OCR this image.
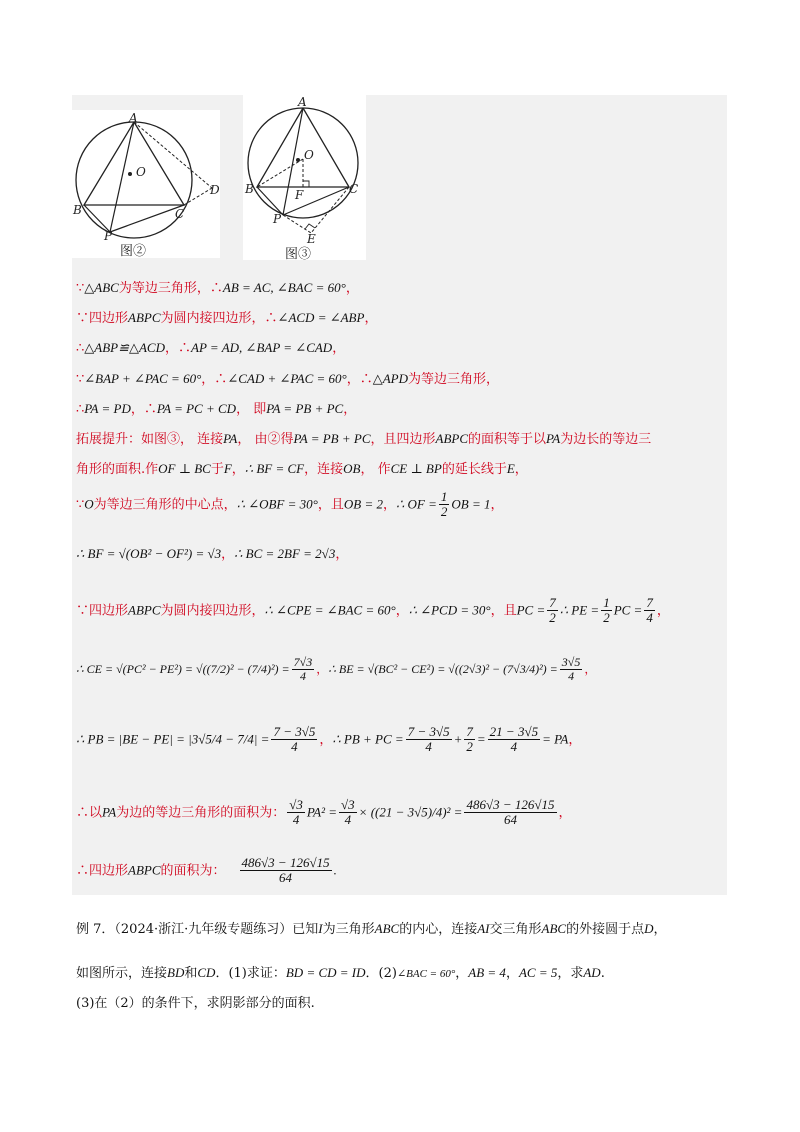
A
O
B	C
D
P
图②
A
O
B	C
F
P
E
图③
∵△ABC为等边三角形，∴AB = AC, ∠BAC = 60°，
∵四边形ABPC为圆内接四边形，∴∠ACD = ∠ABP，
∴△ABP≌△ACD，∴AP = AD, ∠BAP = ∠CAD，
∵∠BAP + ∠PAC = 60°，∴∠CAD + ∠PAC = 60°，∴△APD为等边三角形，
∴PA = PD，∴PA = PC + CD， 即PA = PB + PC，
拓展提升：如图③， 连接PA， 由②得PA = PB + PC，且四边形ABPC的面积等于以PA为边长的等边三
角形的面积.作OF ⊥ BC于F，∴ BF = CF，连接OB， 作CE ⊥ BP的延长线于E，
∵O为等边三角形的中心点，∴ ∠OBF = 30°，且OB = 2，∴ OF = $\frac{1}{2}$ OB = 1，
∴ BF = √(OB² − OF²) = √3，∴ BC = 2BF = 2√3，
∵四边形ABPC为圆内接四边形，∴ ∠CPE = ∠BAC = 60°，∴ ∠PCD = 30°，且PC = $\frac{7}{2}$ ∴ PE = $\frac{1}{2}$ PC = $\frac{7}{4}$ ，
∴ CE = $√(PC^2 - PE^2) = √((7/2)^2 - (7/4)^2) = \frac{7√3}{4}$ ，∴ BE = $√(BC^2 - CE^2) = √((2√3)^2 - (7√3/4)^2) = \frac{3√5}{4}$ ，
∴ PB = $|BE - PE| = |3√5/4 - 7/4| = \frac{7 - 3√5}{4}$ ，∴ PB + PC = $\frac{7 - 3√5}{4} + \frac{7}{2} = \frac{21 - 3√5}{4}$ = PA，
∴以PA为边的等边三角形的面积为： $\frac{√3}{4} PA^2 = \frac{√3}{4} \times ((21 - 3√5)/4)^2 = \frac{486√3 - 126√15}{64}$ ，
∴四边形ABPC的面积为： $\frac{486√3 - 126√15}{64}$ .
例 7．（2024·浙江·九年级专题练习）已知I为三角形ABC的内心，连接AI交三角形ABC的外接圆于点D，
如图所示，连接BD和CD．(1)求证：BD = CD = ID．(2)∠BAC = 60°，AB = 4，AC = 5，求AD.
(3)在（2）的条件下，求阴影部分的面积.
